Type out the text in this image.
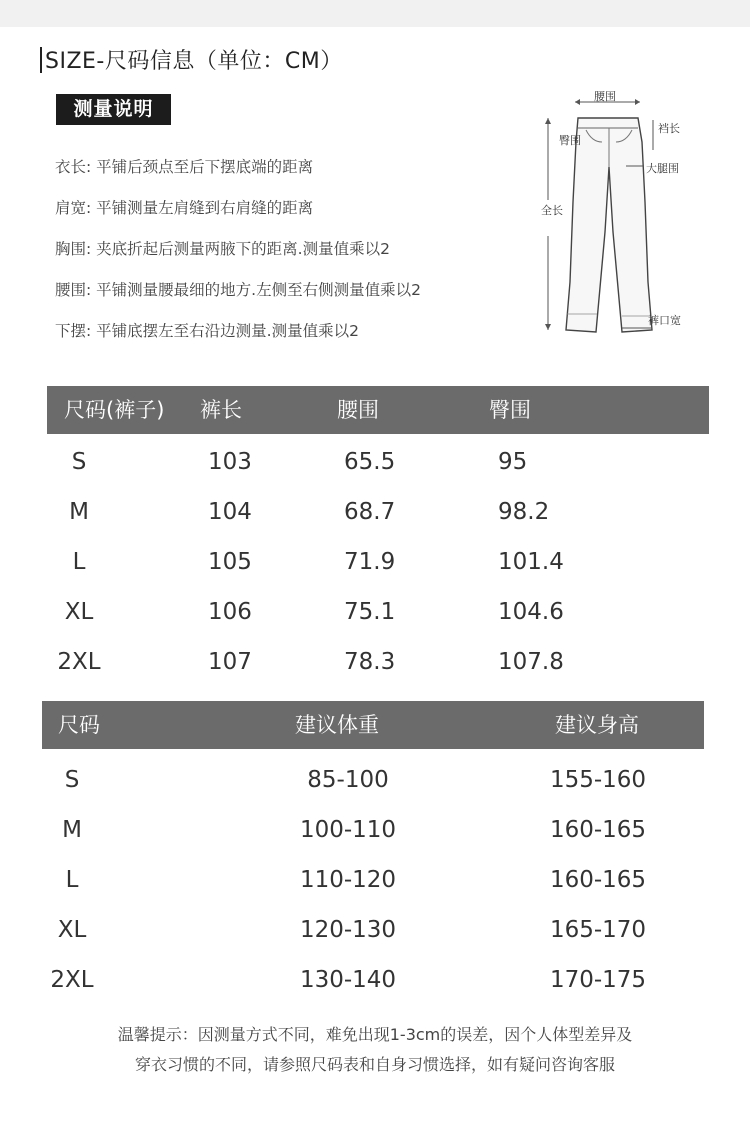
SIZE-尺码信息（单位：CM）
测量说明
衣长: 平铺后颈点至后下摆底端的距离
肩宽: 平铺测量左肩缝到右肩缝的距离
胸围: 夹底折起后测量两腋下的距离.测量值乘以2
腰围: 平铺测量腰最细的地方.左侧至右侧测量值乘以2
下摆: 平铺底摆左至右沿边测量.测量值乘以2
腰围
臀围
裆长
大腿围
全长
裤口宽
尺码(裤子) 裤长	腰围	臀围
S	103	65.5	95
M	104	68.7	98.2
L	105	71.9	101.4
XL	106	75.1	104.6
2XL	107	78.3	107.8
尺码	建议体重	建议身高
S	85-100	155-160
M	100-110	160-165
L	110-120	160-165
XL	120-130	165-170
2XL	130-140	170-175
温馨提示：因测量方式不同，难免出现1-3cm的误差，因个人体型差异及
穿衣习惯的不同，请参照尺码表和自身习惯选择，如有疑问咨询客服
